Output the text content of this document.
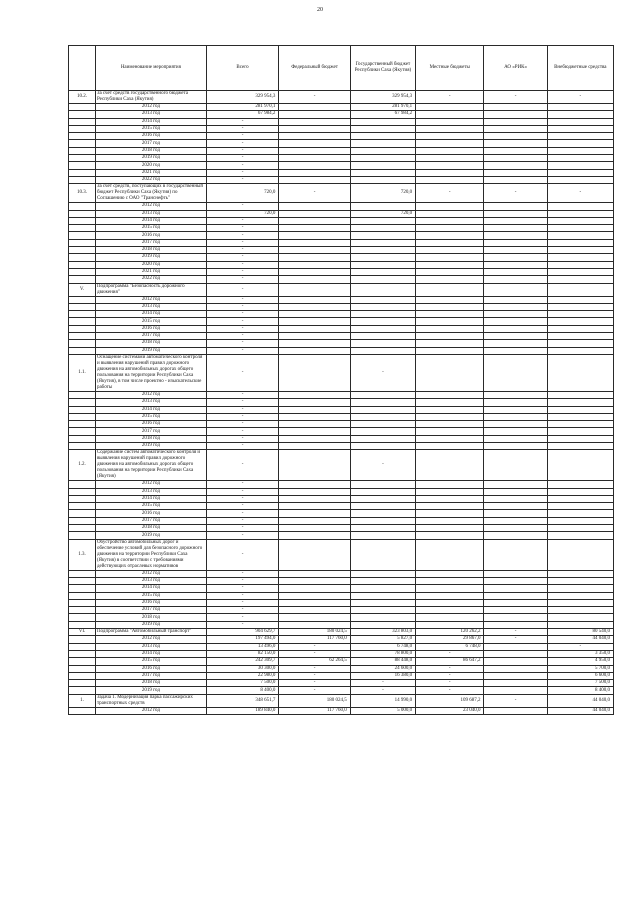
20
	Наименование мероприятия	Всего	Федеральный бюджет	Государственный бюджет Республики Саха (Якутия)	Местные бюджеты	АО «РИК»	Внебюджетные средства
10.2.	За счет средств государственного бюджета Республики Саха (Якутия)	329 954,3	-	329 954,3	-	-	-
	2012 год	281 970,1		281 970,1			
	2013 год	67 984,2		67 984,2			
	2014 год	-					
	2015 год	-					
	2016 год	-					
	2017 год	-					
	2018 год	-					
	2019 год	-					
	2020 год	-					
	2021 год	-					
	2022 год	-					
10.3.	За счет средств, поступающих в государственный бюджет Республики Саха (Якутия) по Соглашению с ОАО "Транснефть"	720,0	-	720,0	-	-	-
	2012 год	-					
	2013 год	720,0		720,0			
	2014 год	-					
	2015 год	-					
	2016 год	-					
	2017 год	-					
	2018 год	-					
	2019 год	-					
	2020 год	-					
	2021 год	-					
	2022 год	-					
V.	Подпрограмма "Безопасность дорожного движения"	-					
	2012 год	-					
	2013 год	-					
	2014 год	-					
	2015 год	-					
	2016 год	-					
	2017 год	-					
	2018 год	-					
	2019 год	-					
1.1.	Оснащение системами автоматического контроля и выявления нарушений правил дорожного движения на автомобильных дорогах общего пользования на территории Республики Саха (Якутия), в том числе проектно - изыскательские работы	-		-			
	2012 год	-					
	2013 год	-					
	2014 год	-					
	2015 год	-					
	2016 год	-					
	2017 год	-					
	2018 год	-					
	2019 год	-					
1.2.	Содержание систем автоматического контроля и выявления нарушений правил дорожного движения на автомобильных дорогах общего пользования на территории Республики Саха (Якутия)	-		-			
	2012 год	-					
	2013 год	-					
	2014 год	-					
	2015 год	-					
	2016 год	-					
	2017 год	-					
	2018 год	-					
	2019 год	-					
1.3.	Обустройство автомобильных дорог и обеспечение условий для безопасного дорожного движения на территории Республики Саха (Якутия) в соответствии с требованиями действующих отраслевых нормативов	-					
	2012 год	-					
	2013 год	-					
	2014 год	-					
	2015 год	-					
	2016 год	-					
	2017 год	-					
	2018 год	-					
	2019 год	-					
VI.	Подпрограмма "Автомобильный транспорт"	904 629,7	180 024,5	323 803,0	120 262,2	-	80 540,0
	2012 год	197 494,0	117 760,0	5 827,0	29 867,0	-	44 040,0
	2013 год	13 496,0	-	6 748,0	6 748,0		-
	2014 год	82 150,0	-	78 800,0	-		3 350,0
	2015 год	242 309,7	62 264,5	88 448,0	86 647,2		4 950,0
	2016 год	30 300,0	-	24 600,0	-		5 700,0
	2017 год	22 980,0	-	16 380,0	-		6 600,0
	2018 год	7 500,0	-	-	-		7 500,0
	2019 год	8 400,0	-	-	-		8 400,0
1.	Задача 1. Модернизация парка пассажирских транспортных средств	348 651,7	180 024,5	14 990,0	109 687,2	-	44 040,0
	2012 год	189 840,0	117 760,0	5 000,0	23 040,0		44 040,0
